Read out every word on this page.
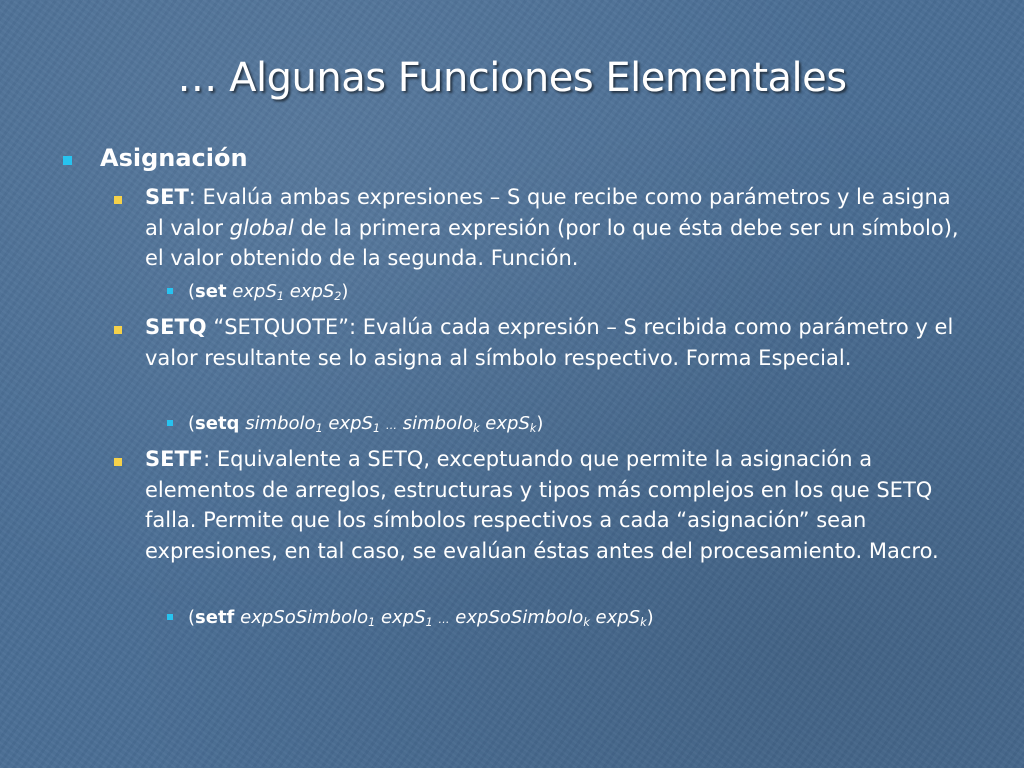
… Algunas Funciones Elementales
Asignación
SET: Evalúa ambas expresiones – S que recibe como parámetros y le asigna al valor global de la primera expresión (por lo que ésta debe ser un símbolo), el valor obtenido de la segunda. Función.
(set expS$_1$ expS$_2$)
SETQ “SETQUOTE”: Evalúa cada expresión – S recibida como parámetro y el valor resultante se lo asigna al símbolo respectivo. Forma Especial.
(setq simbolo$_1$ expS$_1$ … simbolo$_k$ expS$_k$)
SETF: Equivalente a SETQ, exceptuando que permite la asignación a elementos de arreglos, estructuras y tipos más complejos en los que SETQ falla. Permite que los símbolos respectivos a cada “asignación” sean expresiones, en tal caso, se evalúan éstas antes del procesamiento. Macro.
(setf expSoSimbolo$_1$ expS$_1$ … expSoSimbolo$_k$ expS$_k$)
